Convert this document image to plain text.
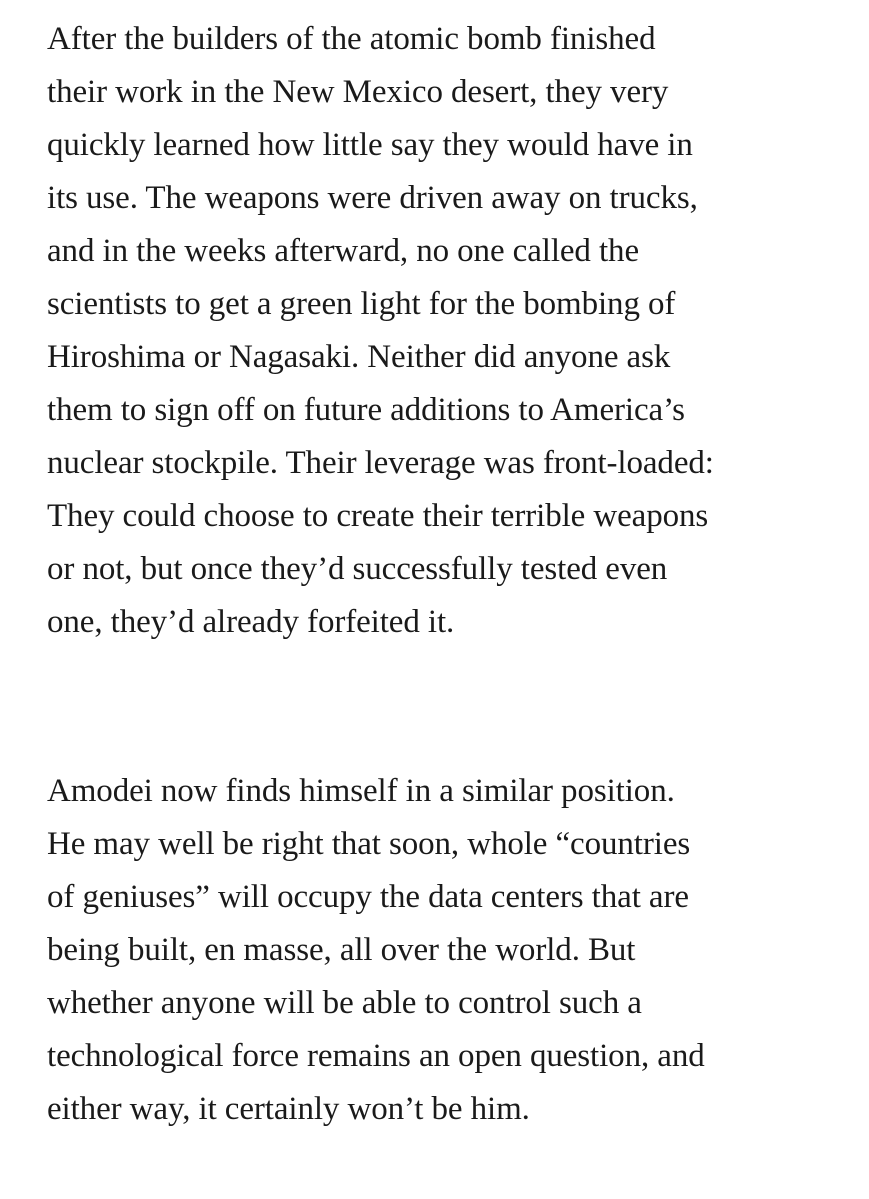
After the builders of the atomic bomb finished
their work in the New Mexico desert, they very
quickly learned how little say they would have in
its use. The weapons were driven away on trucks,
and in the weeks afterward, no one called the
scientists to get a green light for the bombing of
Hiroshima or Nagasaki. Neither did anyone ask
them to sign off on future additions to America’s
nuclear stockpile. Their leverage was front-loaded:
They could choose to create their terrible weapons
or not, but once they’d successfully tested even
one, they’d already forfeited it.

Amodei now finds himself in a similar position.
He may well be right that soon, whole “countries
of geniuses” will occupy the data centers that are
being built, en masse, all over the world. But
whether anyone will be able to control such a
technological force remains an open question, and
either way, it certainly won’t be him.
